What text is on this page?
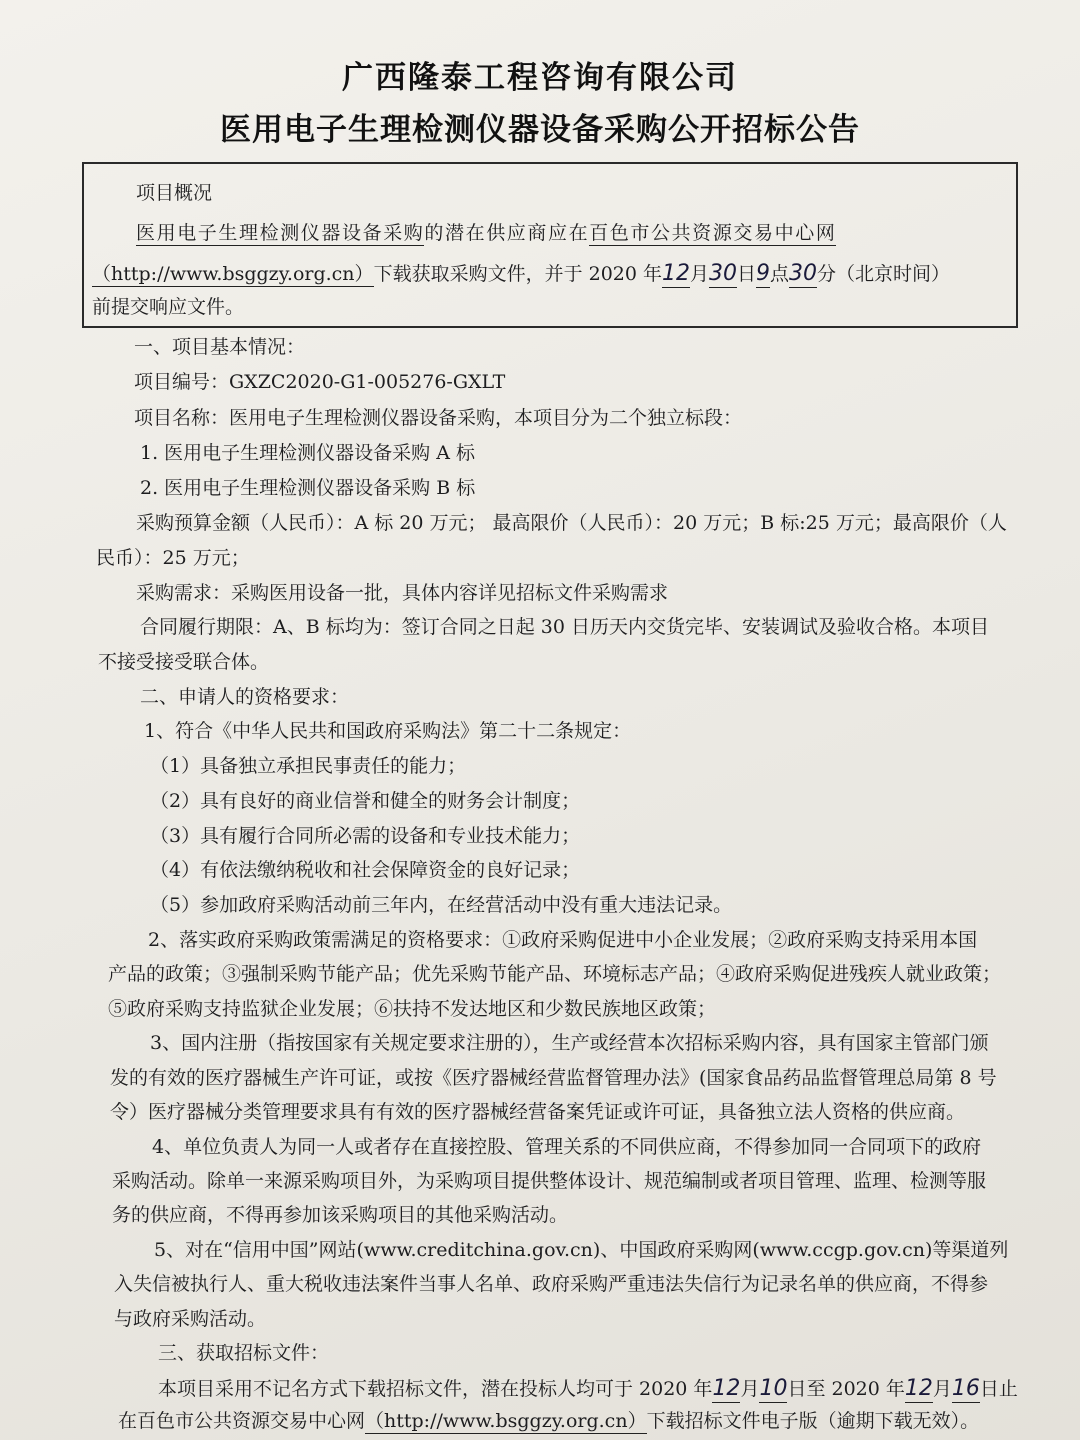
广西隆泰工程咨询有限公司
医用电子生理检测仪器设备采购公开招标公告
项目概况
医用电子生理检测仪器设备采购的潜在供应商应在百色市公共资源交易中心网
（http://www.bsggzy.org.cn）下载获取采购文件，并于 2020 年12月30日9点30分（北京时间）
前提交响应文件。
一、项目基本情况：
项目编号：GXZC2020-G1-005276-GXLT
项目名称：医用电子生理检测仪器设备采购，本项目分为二个独立标段：
1. 医用电子生理检测仪器设备采购 A 标
2. 医用电子生理检测仪器设备采购 B 标
采购预算金额（人民币）：A 标 20 万元； 最高限价（人民币）：20 万元；B 标:25 万元；最高限价（人
民币）：25 万元；
采购需求：采购医用设备一批，具体内容详见招标文件采购需求
合同履行期限：A、B 标均为：签订合同之日起 30 日历天内交货完毕、安装调试及验收合格。本项目
不接受接受联合体。
二、申请人的资格要求：
1、符合《中华人民共和国政府采购法》第二十二条规定：
（1）具备独立承担民事责任的能力；
（2）具有良好的商业信誉和健全的财务会计制度；
（3）具有履行合同所必需的设备和专业技术能力；
（4）有依法缴纳税收和社会保障资金的良好记录；
（5）参加政府采购活动前三年内，在经营活动中没有重大违法记录。
2、落实政府采购政策需满足的资格要求：①政府采购促进中小企业发展；②政府采购支持采用本国
产品的政策；③强制采购节能产品；优先采购节能产品、环境标志产品；④政府采购促进残疾人就业政策；
⑤政府采购支持监狱企业发展；⑥扶持不发达地区和少数民族地区政策；
3、国内注册（指按国家有关规定要求注册的），生产或经营本次招标采购内容，具有国家主管部门颁
发的有效的医疗器械生产许可证，或按《医疗器械经营监督管理办法》(国家食品药品监督管理总局第 8 号
令）医疗器械分类管理要求具有有效的医疗器械经营备案凭证或许可证，具备独立法人资格的供应商。
4、单位负责人为同一人或者存在直接控股、管理关系的不同供应商，不得参加同一合同项下的政府
采购活动。除单一来源采购项目外，为采购项目提供整体设计、规范编制或者项目管理、监理、检测等服
务的供应商，不得再参加该采购项目的其他采购活动。
5、对在“信用中国”网站(www.creditchina.gov.cn)、中国政府采购网(www.ccgp.gov.cn)等渠道列
入失信被执行人、重大税收违法案件当事人名单、政府采购严重违法失信行为记录名单的供应商，不得参
与政府采购活动。
三、获取招标文件：
本项目采用不记名方式下载招标文件，潜在投标人均可于 2020 年12月10日至 2020 年12月16日止
在百色市公共资源交易中心网（http://www.bsggzy.org.cn）下载招标文件电子版（逾期下载无效）。
